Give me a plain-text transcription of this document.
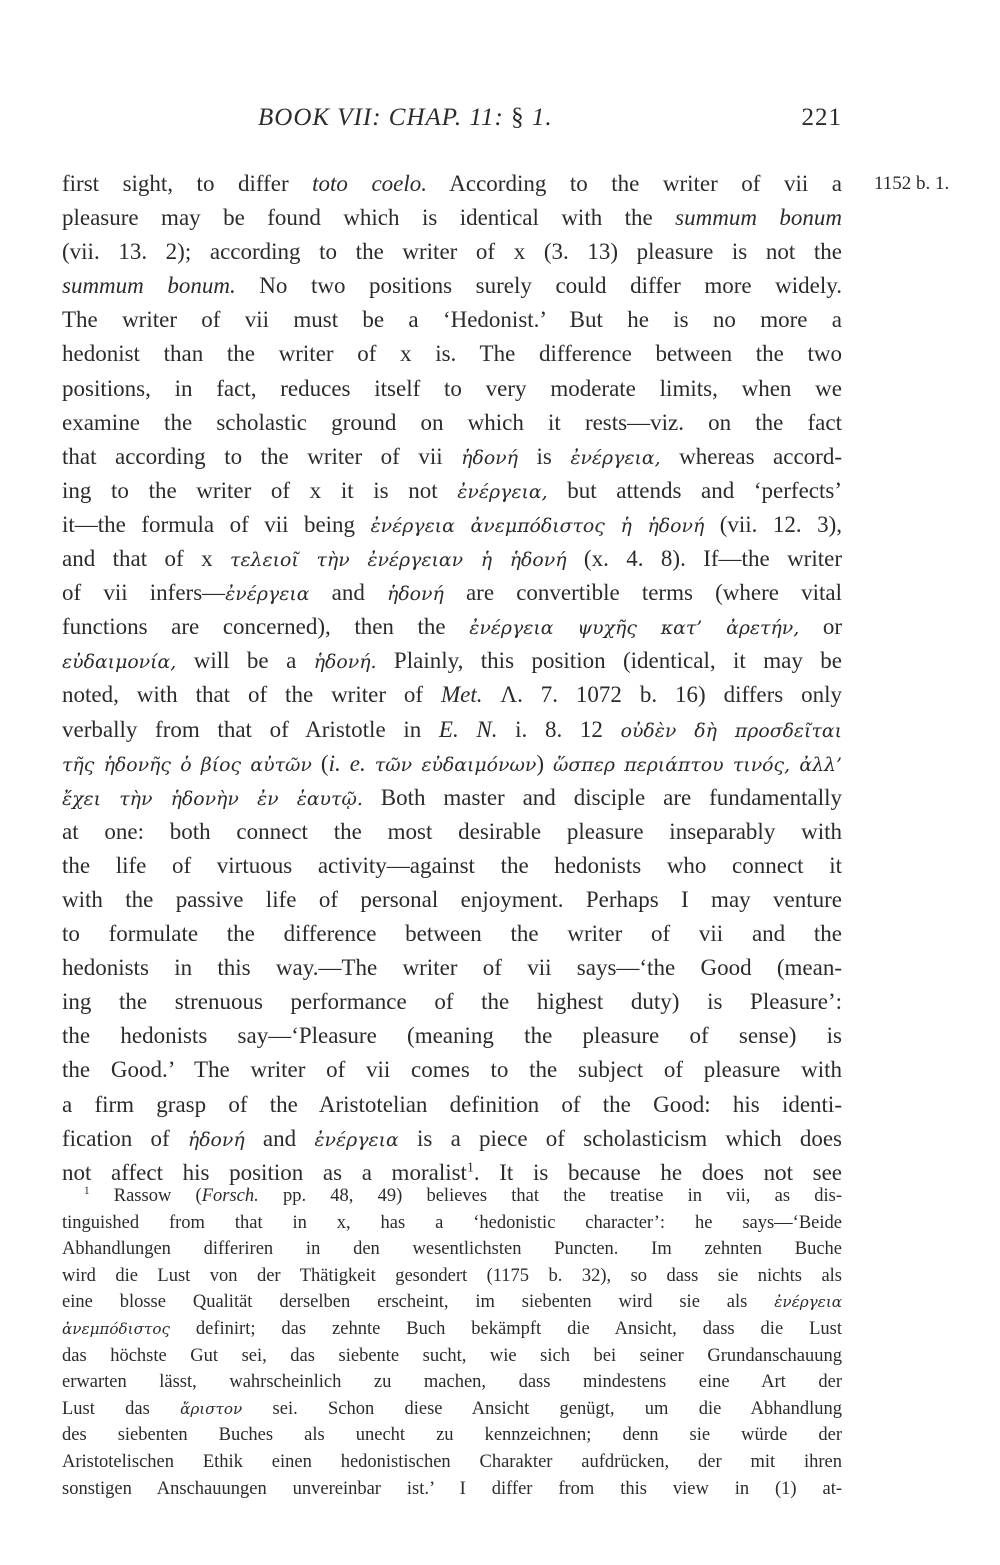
BOOK VII: CHAP. 11: § 1.	221
1152 b. 1.
first sight, to differ toto coelo. According to the writer of vii a
pleasure may be found which is identical with the summum bonum
(vii. 13. 2); according to the writer of x (3. 13) pleasure is not the
summum bonum. No two positions surely could differ more widely.
The writer of vii must be a ‘Hedonist.’ But he is no more a
hedonist than the writer of x is. The difference between the two
positions, in fact, reduces itself to very moderate limits, when we
examine the scholastic ground on which it rests—viz. on the fact
that according to the writer of vii ἡδονή is ἐνέργεια, whereas accord-
ing to the writer of x it is not ἐνέργεια, but attends and ‘perfects’
it—the formula of vii being ἐνέργεια ἀνεμπόδιστος ἡ ἡδονή (vii. 12. 3),
and that of x τελειοῖ τὴν ἐνέργειαν ἡ ἡδονή (x. 4. 8). If—the writer
of vii infers—ἐνέργεια and ἡδονή are convertible terms (where vital
functions are concerned), then the ἐνέργεια ψυχῆς κατ’ ἀρετήν, or
εὐδαιμονία, will be a ἡδονή. Plainly, this position (identical, it may be
noted, with that of the writer of Met. Λ. 7. 1072 b. 16) differs only
verbally from that of Aristotle in E. N. i. 8. 12 οὐδὲν δὴ προσδεῖται
τῆς ἡδονῆς ὁ βίος αὐτῶν (i. e. τῶν εὐδαιμόνων) ὥσπερ περιάπτου τινός, ἀλλ’
ἔχει τὴν ἡδονὴν ἐν ἑαυτῷ. Both master and disciple are fundamentally
at one: both connect the most desirable pleasure inseparably with
the life of virtuous activity—against the hedonists who connect it
with the passive life of personal enjoyment. Perhaps I may venture
to formulate the difference between the writer of vii and the
hedonists in this way.—The writer of vii says—‘the Good (mean-
ing the strenuous performance of the highest duty) is Pleasure’:
the hedonists say—‘Pleasure (meaning the pleasure of sense) is
the Good.’ The writer of vii comes to the subject of pleasure with
a firm grasp of the Aristotelian definition of the Good: his identi-
fication of ἡδονή and ἐνέργεια is a piece of scholasticism which does
not affect his position as a moralist$^1$. It is because he does not see
$^1$ Rassow (Forsch. pp. 48, 49) believes that the treatise in vii, as dis-
tinguished from that in x, has a ‘hedonistic character’: he says—‘Beide
Abhandlungen differiren in den wesentlichsten Puncten. Im zehnten Buche
wird die Lust von der Thätigkeit gesondert (1175 b. 32), so dass sie nichts als
eine blosse Qualität derselben erscheint, im siebenten wird sie als ἐνέργεια
ἀνεμπόδιστος definirt; das zehnte Buch bekämpft die Ansicht, dass die Lust
das höchste Gut sei, das siebente sucht, wie sich bei seiner Grundanschauung
erwarten lässt, wahrscheinlich zu machen, dass mindestens eine Art der
Lust das ἄριστον sei. Schon diese Ansicht genügt, um die Abhandlung
des siebenten Buches als unecht zu kennzeichnen; denn sie würde der
Aristotelischen Ethik einen hedonistischen Charakter aufdrücken, der mit ihren
sonstigen Anschauungen unvereinbar ist.’ I differ from this view in (1) at-
